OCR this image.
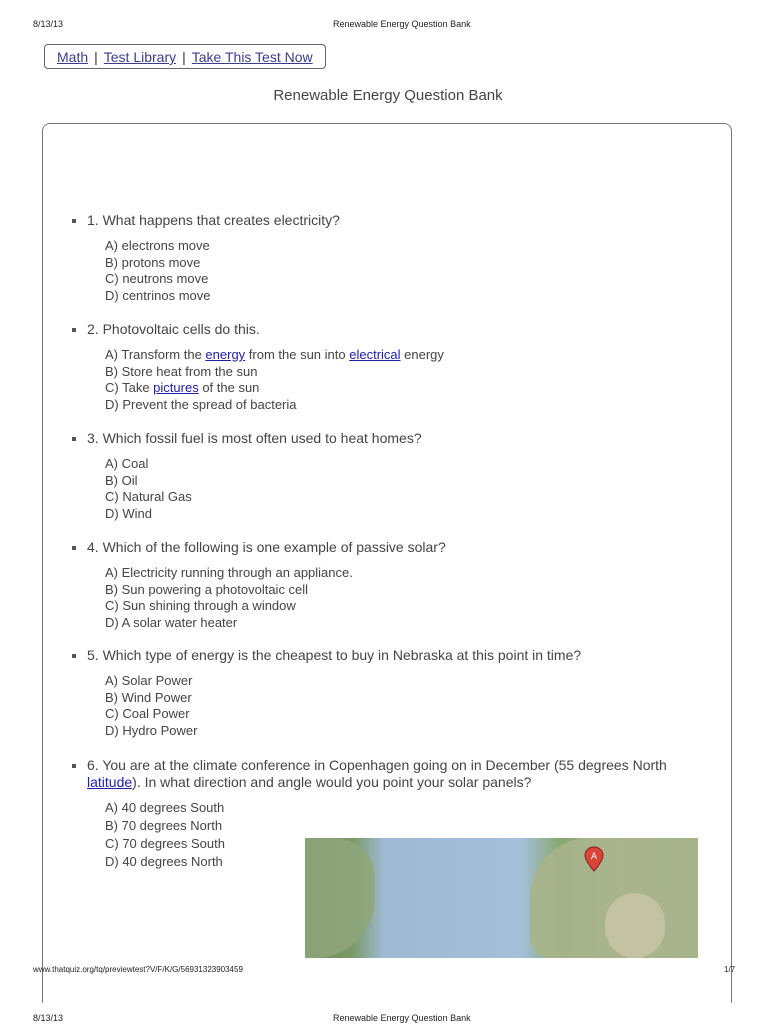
8/13/13	Renewable Energy Question Bank
Math | Test Library | Take This Test Now
Renewable Energy Question Bank
1. What happens that creates electricity?
A) electrons move
B) protons move
C) neutrons move
D) centrinos move
2. Photovoltaic cells do this.
A) Transform the energy from the sun into electrical energy
B) Store heat from the sun
C) Take pictures of the sun
D) Prevent the spread of bacteria
3. Which fossil fuel is most often used to heat homes?
A) Coal
B) Oil
C) Natural Gas
D) Wind
4. Which of the following is one example of passive solar?
A) Electricity running through an appliance.
B) Sun powering a photovoltaic cell
C) Sun shining through a window
D) A solar water heater
5. Which type of energy is the cheapest to buy in Nebraska at this point in time?
A) Solar Power
B) Wind Power
C) Coal Power
D) Hydro Power
6. You are at the climate conference in Copenhagen going on in December (55 degrees North latitude). In what direction and angle would you point your solar panels?
A) 40 degrees South
B) 70 degrees North
C) 70 degrees South
D) 40 degrees North	A
www.thatquiz.org/tq/previewtest?V/F/K/G/56931323903459	1/7
8/13/13	Renewable Energy Question Bank
